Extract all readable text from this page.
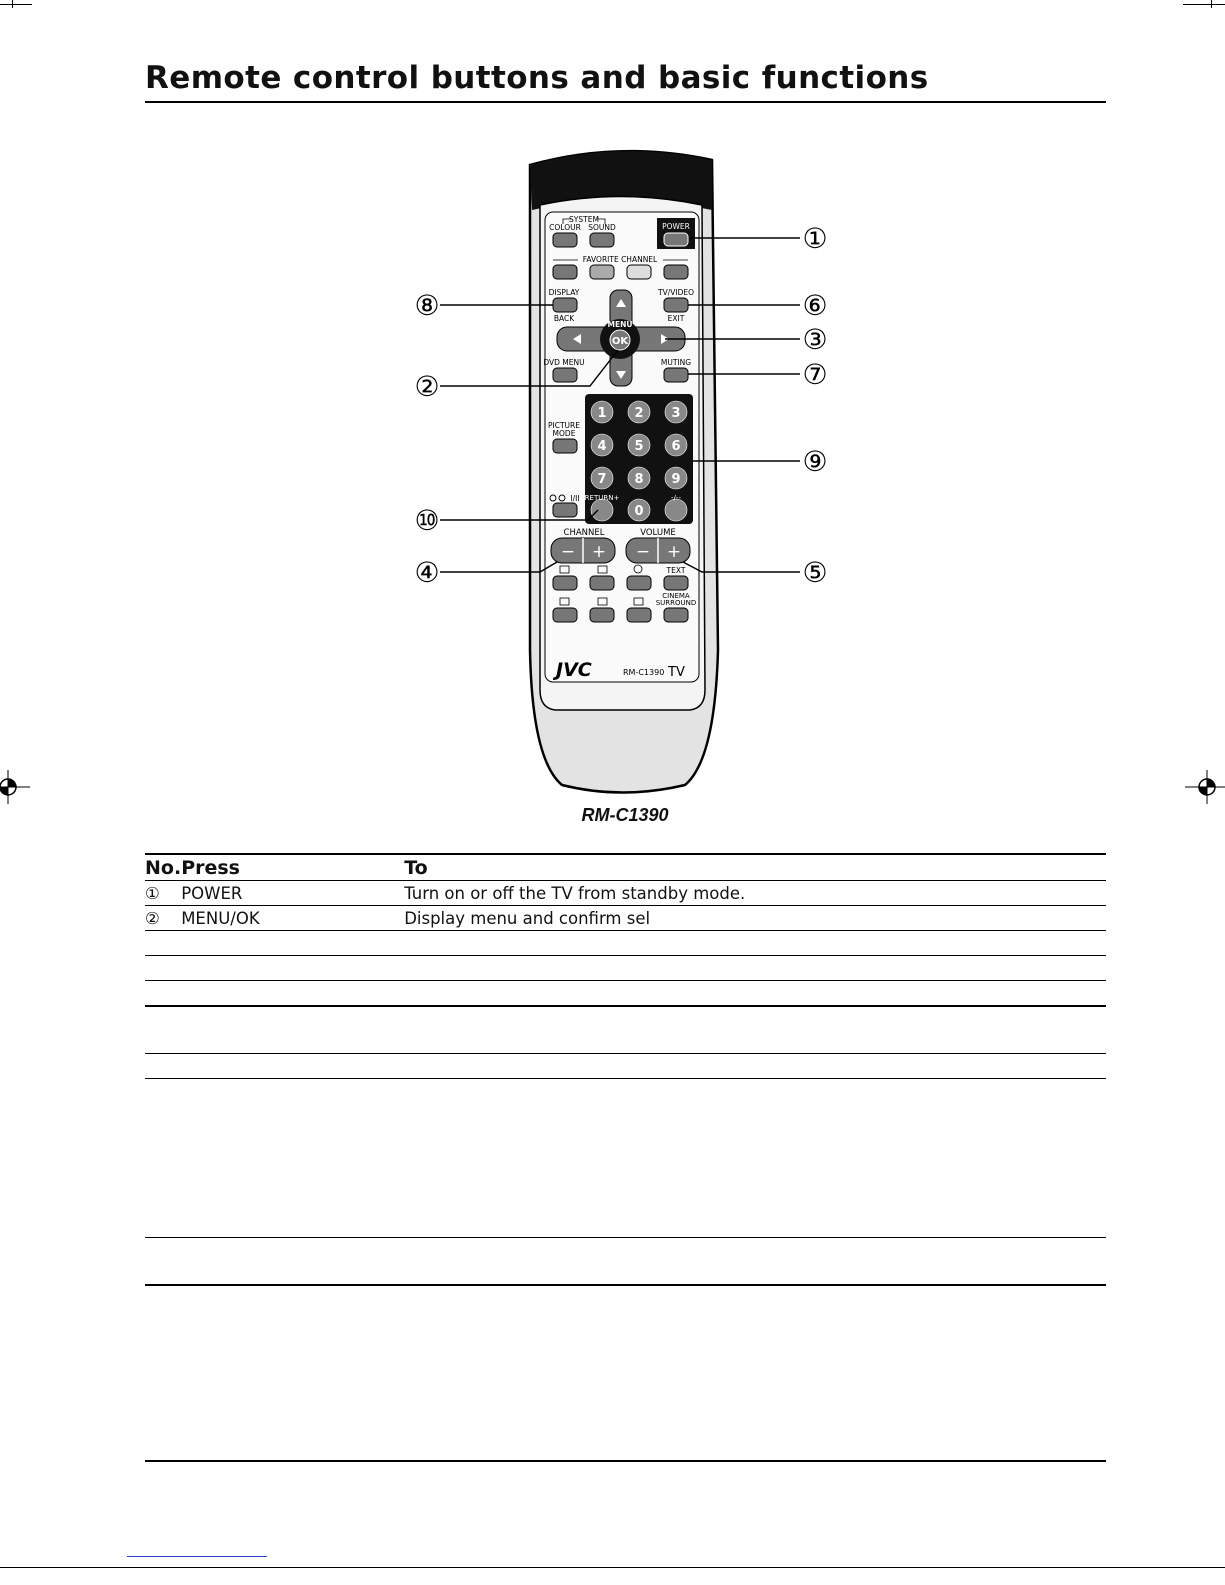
Remote control buttons and basic functions
SYSTEM
COLOUR SOUND	POWER
FAVORITE CHANNEL
DISPLAY
BACK
TV/VIDEO
EXIT
MENU
OK
DVD MENU	MUTING
1 2 3
4 5 6
7 8 9
0
PICTURE
MODE
I/II RETURN+	-/--
CHANNEL	VOLUME
− + − +
TEXT
CINEMA
SURROUND
JVC	RM-C1390 TV
①
②
③
④	⑤
⑥
⑦
⑧
⑨
⑩
RM-C1390
No.	Press	To
①	POWER	Turn on or off the TV from standby mode.
②	MENU/OK	Display menu and confirm sel
